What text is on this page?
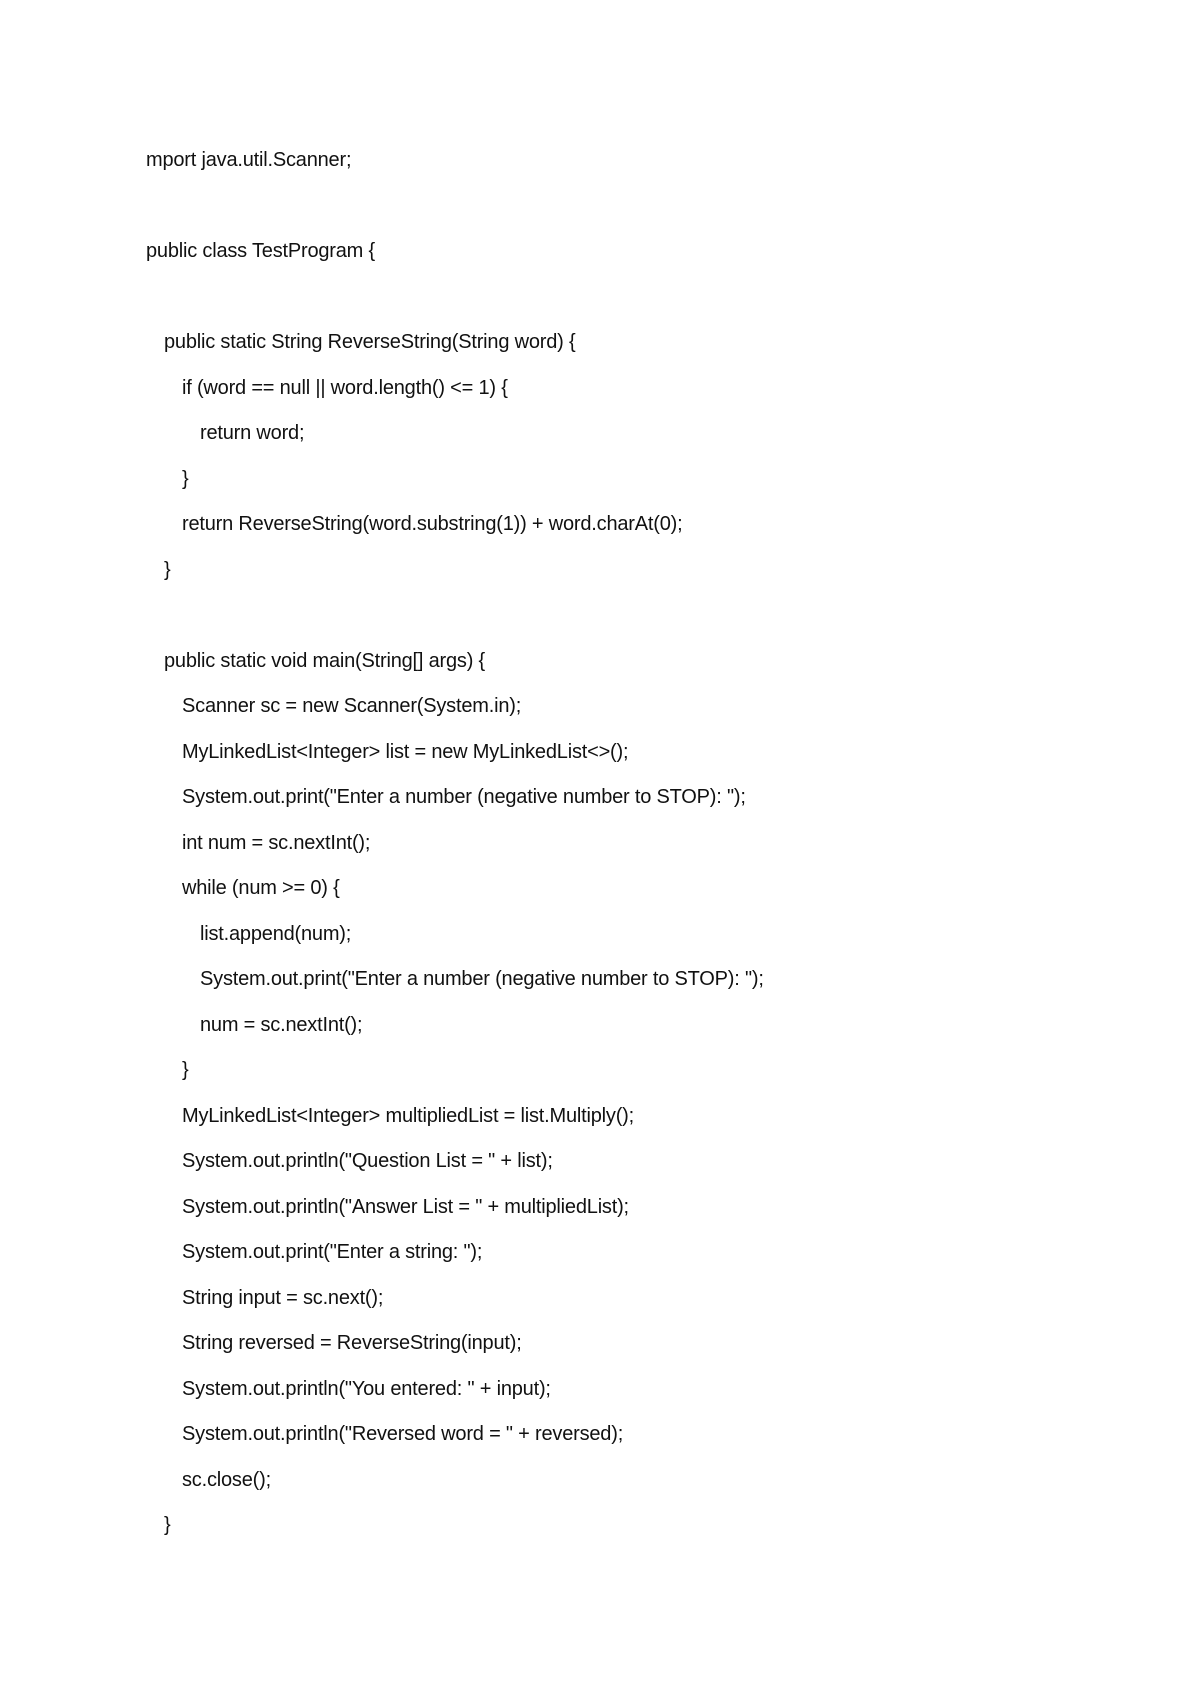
mport java.util.Scanner;
public class TestProgram {
public static String ReverseString(String word) {
if (word == null || word.length() <= 1) {
return word;
}
return ReverseString(word.substring(1)) + word.charAt(0);
}
public static void main(String[] args) {
Scanner sc = new Scanner(System.in);
MyLinkedList<Integer> list = new MyLinkedList<>();
System.out.print("Enter a number (negative number to STOP): ");
int num = sc.nextInt();
while (num >= 0) {
list.append(num);
System.out.print("Enter a number (negative number to STOP): ");
num = sc.nextInt();
}
MyLinkedList<Integer> multipliedList = list.Multiply();
System.out.println("Question List = " + list);
System.out.println("Answer List = " + multipliedList);
System.out.print("Enter a string: ");
String input = sc.next();
String reversed = ReverseString(input);
System.out.println("You entered: " + input);
System.out.println("Reversed word = " + reversed);
sc.close();
}
